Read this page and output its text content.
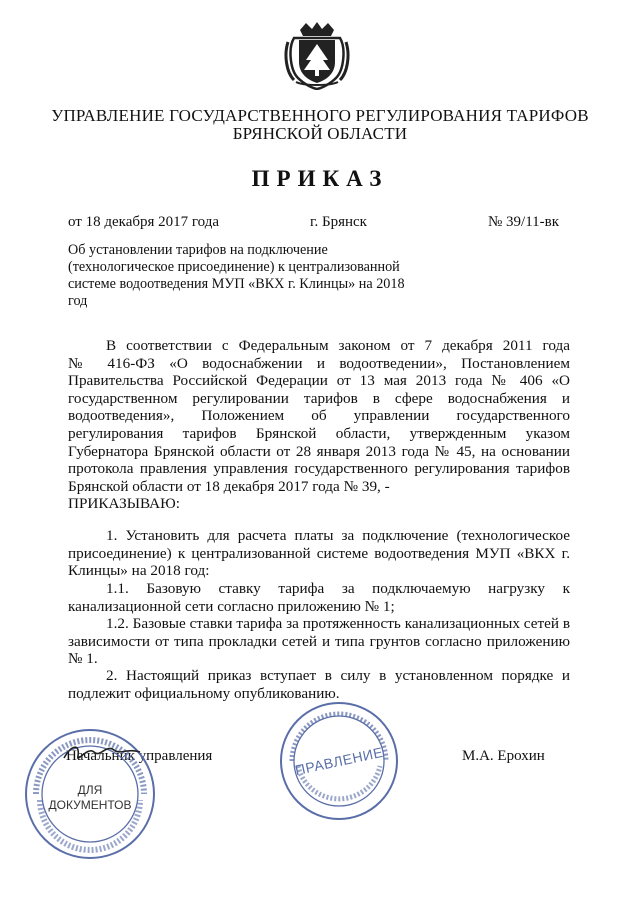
УПРАВЛЕНИЕ ГОСУДАРСТВЕННОГО РЕГУЛИРОВАНИЯ ТАРИФОВ
БРЯНСКОЙ ОБЛАСТИ
ПРИКАЗ
от 18 декабря 2017 года	г. Брянск	№ 39/11-вк
Об установлении тарифов на подключение
(технологическое присоединение) к централизованной
системе водоотведения МУП «ВКХ г. Клинцы» на 2018
год
В соответствии с Федеральным законом от 7 декабря 2011 года
№ 416-ФЗ «О водоснабжении и водоотведении», Постановлением
Правительства Российской Федерации от 13 мая 2013 года № 406 «О
государственном регулировании тарифов в сфере водоснабжения и
водоотведения», Положением об управлении государственного
регулирования тарифов Брянской области, утвержденным указом
Губернатора Брянской области от 28 января 2013 года № 45, на основании
протокола правления управления государственного регулирования тарифов
Брянской области от 18 декабря 2017 года № 39, -
ПРИКАЗЫВАЮ:
1. Установить для расчета платы за подключение (технологическое
присоединение) к централизованной системе водоотведения МУП «ВКХ г.
Клинцы» на 2018 год:
1.1. Базовую ставку тарифа за подключаемую нагрузку к
канализационной сети согласно приложению № 1;
1.2. Базовые ставки тарифа за протяженность канализационных сетей в
зависимости от типа прокладки сетей и типа грунтов согласно приложению
№ 1.
2. Настоящий приказ вступает в силу в установленном порядке и
подлежит официальному опубликованию.
Начальник управления	М.А. Ерохин
ПРАВЛЕНИЕ
ДЛЯ
ДОКУМЕНТОВ
